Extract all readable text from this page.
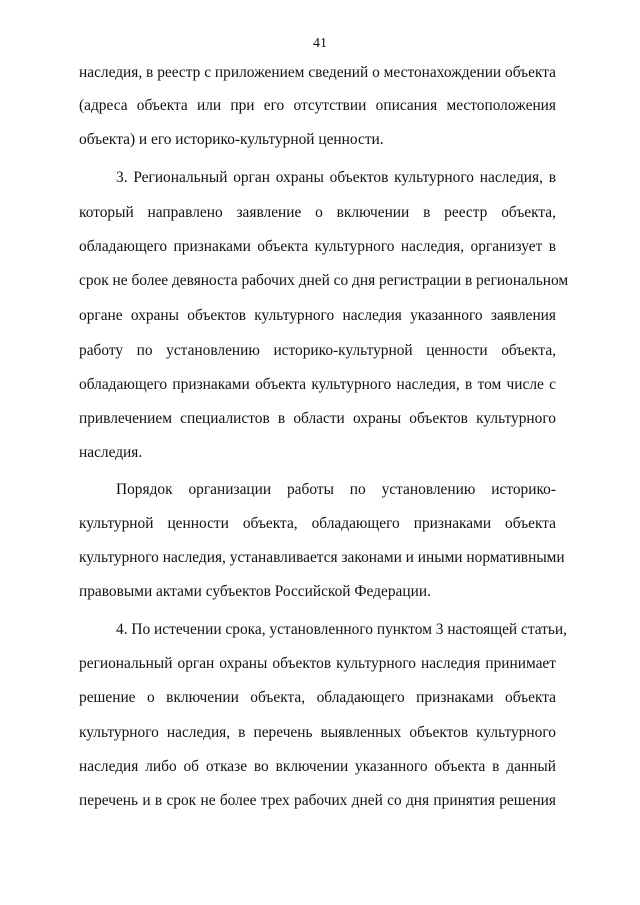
41
наследия, в реестр с приложением сведений о местонахождении объекта
(адреса объекта или при его отсутствии описания местоположения
объекта) и его историко-культурной ценности.
3. Региональный орган охраны объектов культурного наследия, в
который направлено заявление о включении в реестр объекта,
обладающего признаками объекта культурного наследия, организует в
срок не более девяноста рабочих дней со дня регистрации в региональном
органе охраны объектов культурного наследия указанного заявления
работу по установлению историко-культурной ценности объекта,
обладающего признаками объекта культурного наследия, в том числе с
привлечением специалистов в области охраны объектов культурного
наследия.
Порядок организации работы по установлению историко-
культурной ценности объекта, обладающего признаками объекта
культурного наследия, устанавливается законами и иными нормативными
правовыми актами субъектов Российской Федерации.
4. По истечении срока, установленного пунктом 3 настоящей статьи,
региональный орган охраны объектов культурного наследия принимает
решение о включении объекта, обладающего признаками объекта
культурного наследия, в перечень выявленных объектов культурного
наследия либо об отказе во включении указанного объекта в данный
перечень и в срок не более трех рабочих дней со дня принятия решения
